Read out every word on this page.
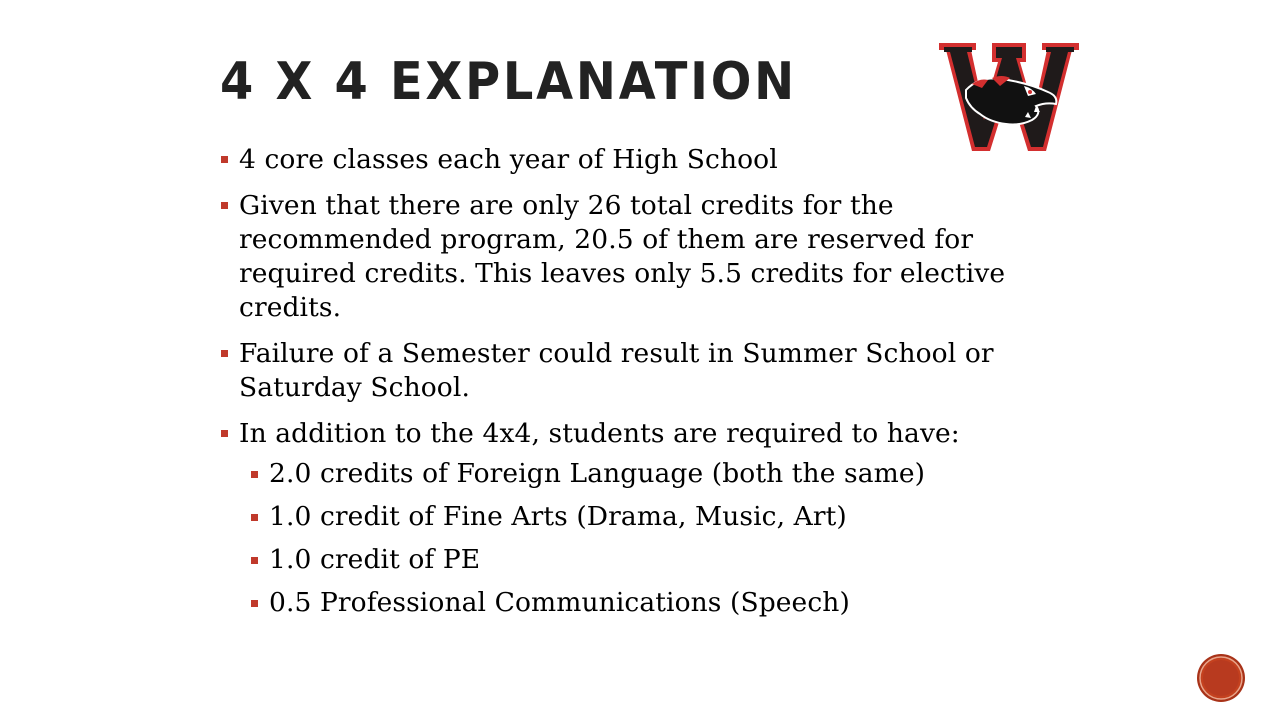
4 X 4 EXPLANATION
4 core classes each year of High School
Given that there are only 26 total credits for the recommended program, 20.5 of them are reserved for required credits. This leaves only 5.5 credits for elective credits.
Failure of a Semester could result in Summer School or Saturday School.
In addition to the 4x4, students are required to have:
2.0 credits of Foreign Language (both the same)
1.0 credit of Fine Arts (Drama, Music, Art)
1.0 credit of PE
0.5 Professional Communications (Speech)
